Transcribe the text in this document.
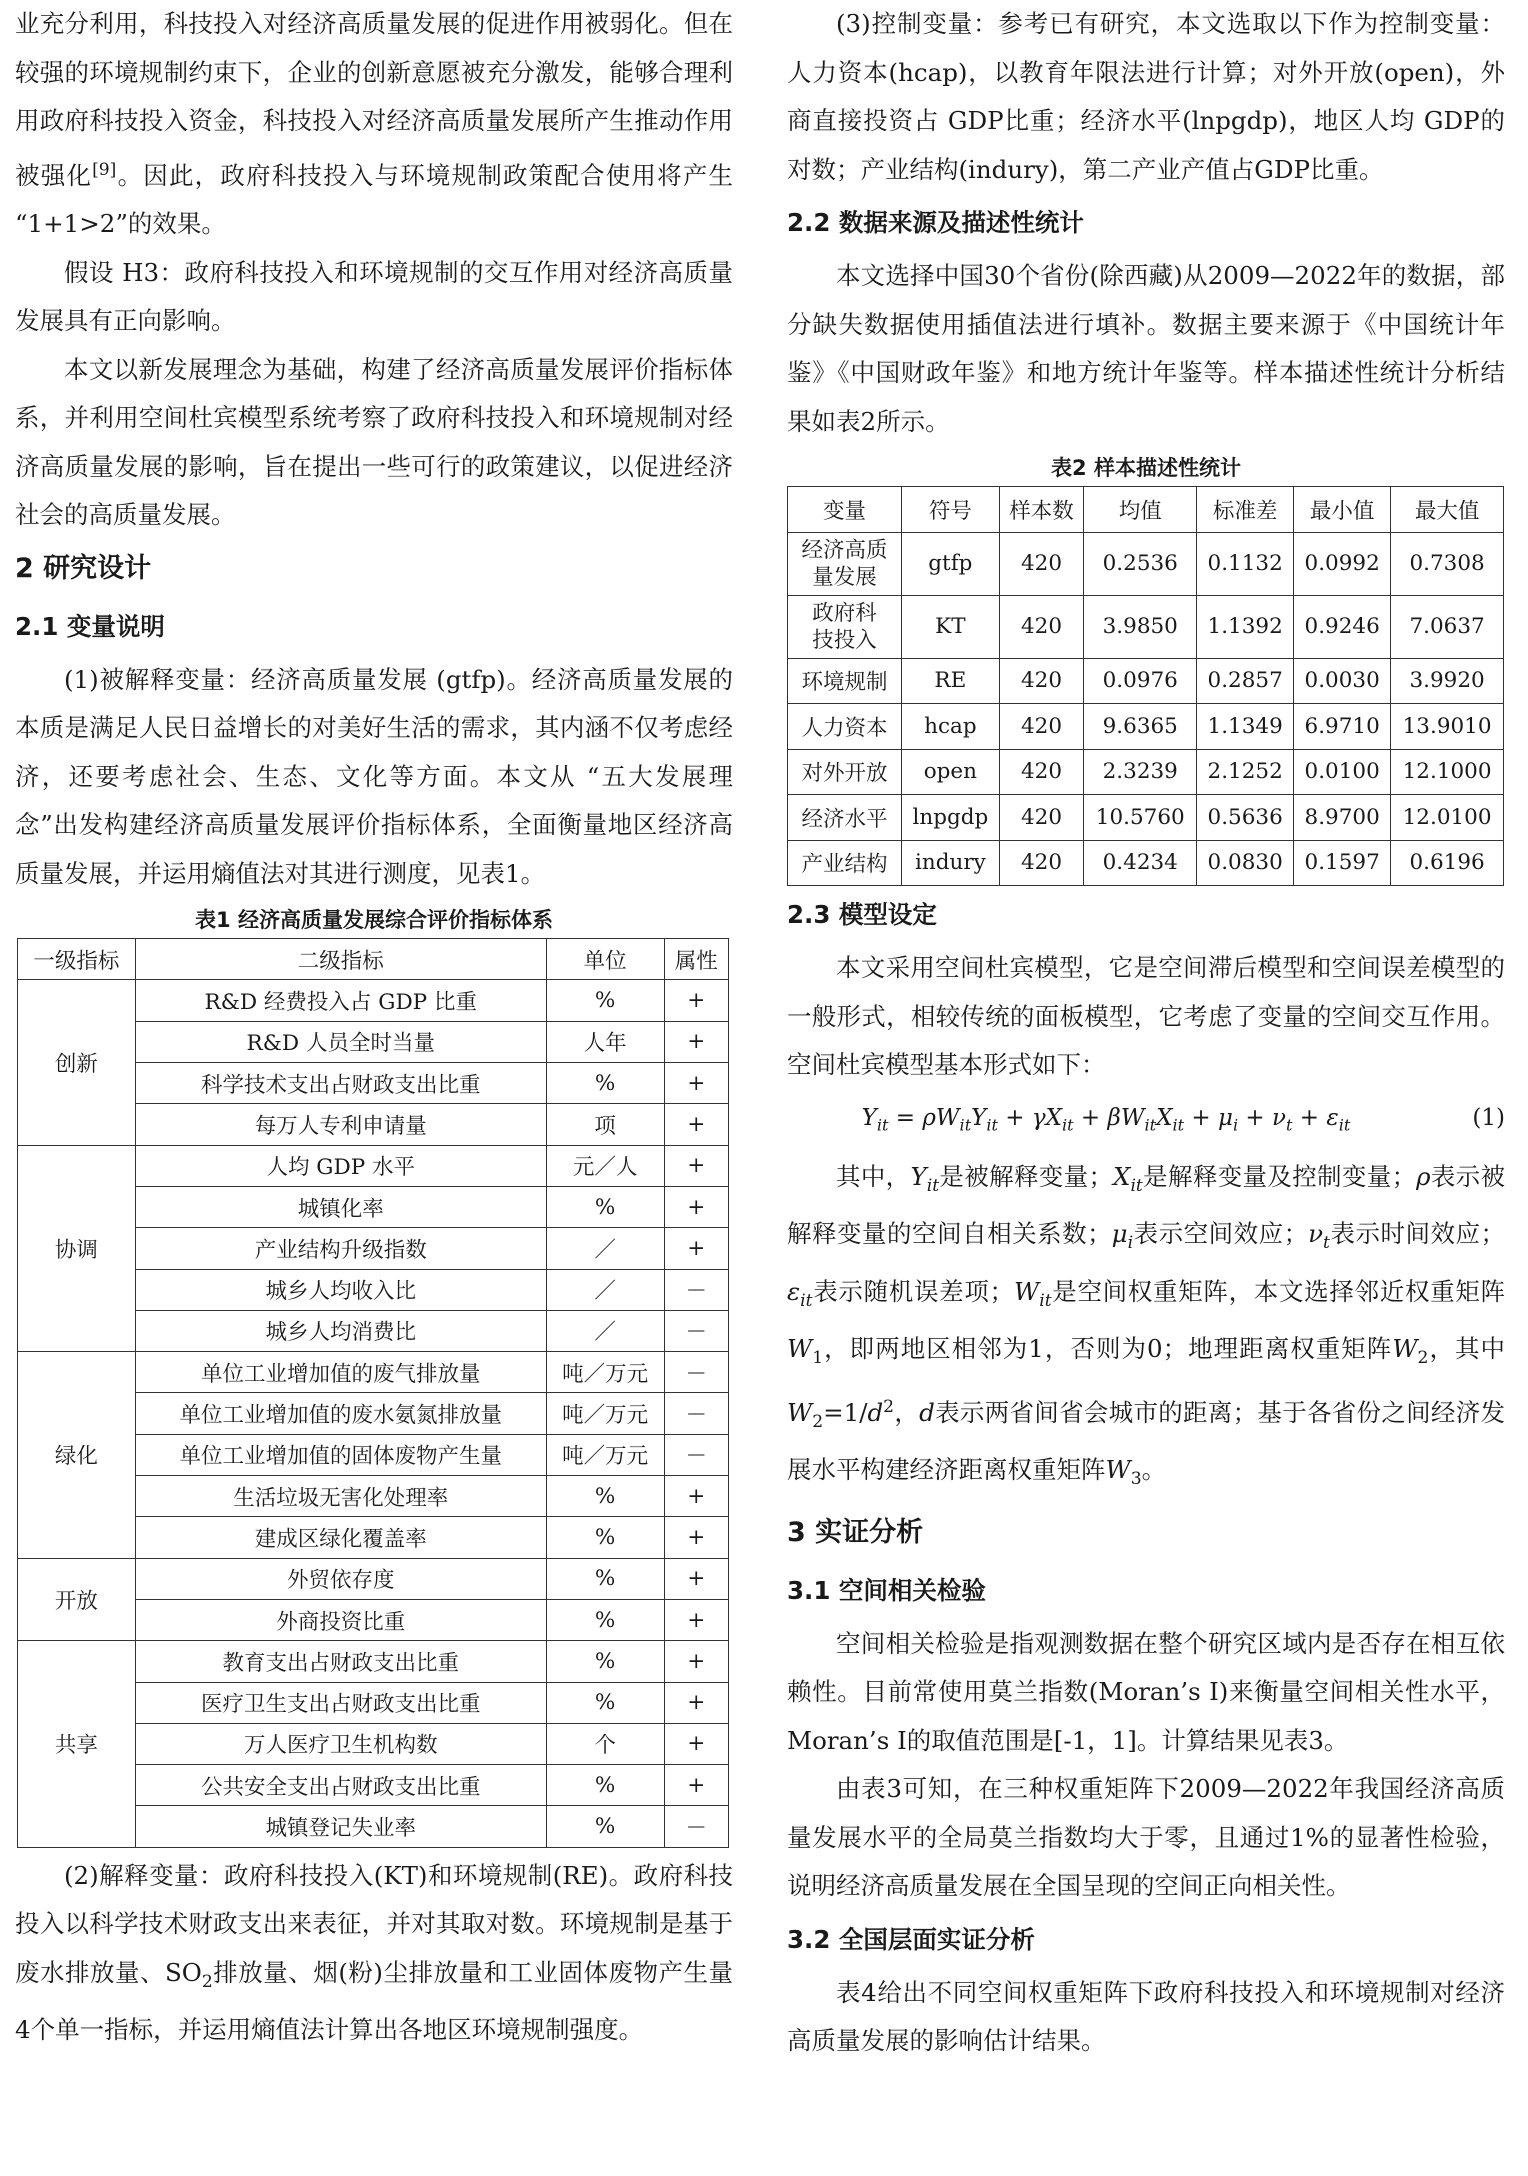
业充分利用，科技投入对经济高质量发展的促进作用被弱化。但在较强的环境规制约束下，企业的创新意愿被充分激发，能够合理利用政府科技投入资金，科技投入对经济高质量发展所产生推动作用被强化[9]。因此，政府科技投入与环境规制政策配合使用将产生 “1+1>2”的效果。

假设 H3：政府科技投入和环境规制的交互作用对经济高质量发展具有正向影响。

本文以新发展理念为基础，构建了经济高质量发展评价指标体系，并利用空间杜宾模型系统考察了政府科技投入和环境规制对经济高质量发展的影响，旨在提出一些可行的政策建议，以促进经济社会的高质量发展。

2 研究设计
2.1 变量说明

(1)被解释变量：经济高质量发展 (gtfp)。经济高质量发展的本质是满足人民日益增长的对美好生活的需求，其内涵不仅考虑经济，还要考虑社会、生态、文化等方面。本文从 “五大发展理念”出发构建经济高质量发展评价指标体系，全面衡量地区经济高质量发展，并运用熵值法对其进行测度，见表1。

表1 经济高质量发展综合评价指标体系
一级指标	二级指标	单位	属性
创新	R&D 经费投入占 GDP 比重	%	+
	R&D 人员全时当量	人年	+
	科学技术支出占财政支出比重	%	+
	每万人专利申请量	项	+
协调	人均 GDP 水平	元／人	+
	城镇化率	%	+
	产业结构升级指数	／	+
	城乡人均收入比	／	－
	城乡人均消费比	／	－
绿化	单位工业增加值的废气排放量	吨／万元	－
	单位工业增加值的废水氨氮排放量	吨／万元	－
	单位工业增加值的固体废物产生量	吨／万元	－
	生活垃圾无害化处理率	%	+
	建成区绿化覆盖率	%	+
开放	外贸依存度	%	+
	外商投资比重	%	+
共享	教育支出占财政支出比重	%	+
	医疗卫生支出占财政支出比重	%	+
	万人医疗卫生机构数	个	+
	公共安全支出占财政支出比重	%	+
	城镇登记失业率	%	－

(2)解释变量：政府科技投入(KT)和环境规制(RE)。政府科技投入以科学技术财政支出来表征，并对其取对数。环境规制是基于废水排放量、$SO_2$排放量、烟(粉)尘排放量和工业固体废物产生量4个单一指标，并运用熵值法计算出各地区环境规制强度。

(3)控制变量：参考已有研究，本文选取以下作为控制变量：人力资本(hcap)，以教育年限法进行计算；对外开放(open)，外商直接投资占 GDP比重；经济水平(lnpgdp)，地区人均 GDP的对数；产业结构(indury)，第二产业产值占GDP比重。

2.2 数据来源及描述性统计

本文选择中国30个省份(除西藏)从2009—2022年的数据，部分缺失数据使用插值法进行填补。数据主要来源于《中国统计年鉴》《中国财政年鉴》和地方统计年鉴等。样本描述性统计分析结果如表2所示。

表2 样本描述性统计
变量	符号	样本数	均值	标准差	最小值	最大值
经济高质
量发展	gtfp	420	0.2536	0.1132	0.0992	0.7308
政府科
技投入	KT	420	3.9850	1.1392	0.9246	7.0637
环境规制	RE	420	0.0976	0.2857	0.0030	3.9920
人力资本	hcap	420	9.6365	1.1349	6.9710	13.9010
对外开放	open	420	2.3239	2.1252	0.0100	12.1000
经济水平	lnpgdp	420	10.5760	0.5636	8.9700	12.0100
产业结构	indury	420	0.4234	0.0830	0.1597	0.6196
2.3 模型设定

本文采用空间杜宾模型，它是空间滞后模型和空间误差模型的一般形式，相较传统的面板模型，它考虑了变量的空间交互作用。空间杜宾模型基本形式如下：

$Y_{it} = \rho W_{it}Y_{it} + \gamma X_{it} + \beta W_{it}X_{it} + \mu_i + \nu_t + \varepsilon_{it}$	(1)

其中，$Y_{it}$是被解释变量；$X_{it}$是解释变量及控制变量；ρ表示被解释变量的空间自相关系数；$\mu_i$表示空间效应；$\nu_t$表示时间效应；$\varepsilon_{it}$表示随机误差项；$W_{it}$是空间权重矩阵，本文选择邻近权重矩阵$W_1$，即两地区相邻为1，否则为0；地理距离权重矩阵$W_2$，其中$W_2=1/d^2$，d表示两省间省会城市的距离；基于各省份之间经济发展水平构建经济距离权重矩阵$W_3$。

3 实证分析
3.1 空间相关检验

空间相关检验是指观测数据在整个研究区域内是否存在相互依赖性。目前常使用莫兰指数(Moran’s I)来衡量空间相关性水平，Moran’s I的取值范围是[-1，1]。计算结果见表3。

由表3可知，在三种权重矩阵下2009—2022年我国经济高质量发展水平的全局莫兰指数均大于零，且通过1%的显著性检验，说明经济高质量发展在全国呈现的空间正向相关性。

3.2 全国层面实证分析

表4给出不同空间权重矩阵下政府科技投入和环境规制对经济高质量发展的影响估计结果。
